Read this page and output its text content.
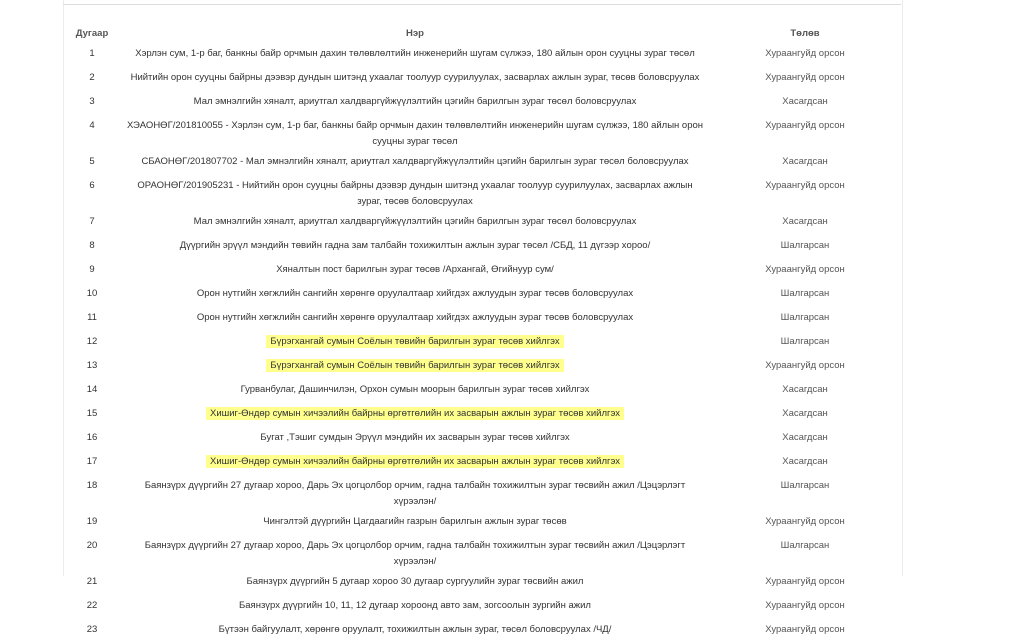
Дугаар	Нэр	Төлөв
1	Хэрлэн сум, 1-р баг, банкны байр орчмын дахин төлөвлөлтийн инженерийн шугам сүлжээ, 180 айлын орон сууцны зураг төсөл	Хураангуйд орсон
2	Нийтийн орон сууцны байрны дээвэр дундын шитэнд ухаалаг тоолуур суурилуулах, засварлах ажлын зураг, төсөв боловсруулах	Хураангуйд орсон
3	Мал эмнэлгийн хяналт, ариутгал халдваргүйжүүлэлтийн цэгийн барилгын зураг төсөл боловсруулах	Хасагдсан
4	ХЭАОНӨГ/201810055 - Хэрлэн сум, 1-р баг, банкны байр орчмын дахин төлөвлөлтийн инженерийн шугам сүлжээ, 180 айлын орон сууцны зураг төсөл	Хураангуйд орсон
5	СБАОНӨГ/201807702 - Мал эмнэлгийн хяналт, ариутгал халдваргүйжүүлэлтийн цэгийн барилгын зураг төсөл боловсруулах	Хасагдсан
6	ОРАОНӨГ/201905231 - Нийтийн орон сууцны байрны дээвэр дундын шитэнд ухаалаг тоолуур суурилуулах, засварлах ажлын зураг, төсөв боловсруулах	Хураангуйд орсон
7	Мал эмнэлгийн хяналт, ариутгал халдваргүйжүүлэлтийн цэгийн барилгын зураг төсөл боловсруулах	Хасагдсан
8	Дүүргийн эрүүл мэндийн төвийн гадна зам талбайн тохижилтын ажлын зураг төсөл /СБД, 11 дүгээр хороо/	Шалгарсан
9	Хяналтын пост барилгын зураг төсөв /Архангай, Өгийнуур сум/	Хураангуйд орсон
10	Орон нутгийн хөгжлийн сангийн хөрөнгө оруулалтаар хийгдэх ажлуудын зураг төсөв боловсруулах	Шалгарсан
11	Орон нутгийн хөгжлийн сангийн хөрөнгө оруулалтаар хийгдэх ажлуудын зураг төсөв боловсруулах	Шалгарсан
12	Бүрэгхангай сумын Соёлын төвийн барилгын зураг төсөв хийлгэх	Шалгарсан
13	Бүрэгхангай сумын Соёлын төвийн барилгын зураг төсөв хийлгэх	Хураангуйд орсон
14	Гурванбулаг, Дашинчилэн, Орхон сумын моорын барилгын зураг төсөв хийлгэх	Хасагдсан
15	Хишиг-Өндөр сумын хичээлийн байрны өргөтгөлийн их засварын ажлын зураг төсөв хийлгэх	Хасагдсан
16	Бугат ,Тэшиг сумдын Эрүүл мэндийн их засварын зураг төсөв хийлгэх	Хасагдсан
17	Хишиг-Өндөр сумын хичээлийн байрны өргөтгөлийн их засварын ажлын зураг төсөв хийлгэх	Хасагдсан
18	Баянзүрх дүүргийн 27 дугаар хороо, Дарь Эх цогцолбор орчим, гадна талбайн тохижилтын зураг төсвийн ажил /Цэцэрлэгт хүрээлэн/	Шалгарсан
19	Чингэлтэй дүүргийн Цагдаагийн газрын барилгын ажлын зураг төсөв	Хураангуйд орсон
20	Баянзүрх дүүргийн 27 дугаар хороо, Дарь Эх цогцолбор орчим, гадна талбайн тохижилтын зураг төсвийн ажил /Цэцэрлэгт хүрээлэн/	Шалгарсан
21	Баянзүрх дүүргийн 5 дугаар хороо 30 дугаар сургуулийн зураг төсвийн ажил	Хураангуйд орсон
22	Баянзүрх дүүргийн 10, 11, 12 дугаар хороонд авто зам, зогсоолын зургийн ажил	Хураангуйд орсон
23	Бүтээн байгуулалт, хөрөнгө оруулалт, тохижилтын ажлын зураг, төсөл боловсруулах /ЧД/	Хураангуйд орсон
